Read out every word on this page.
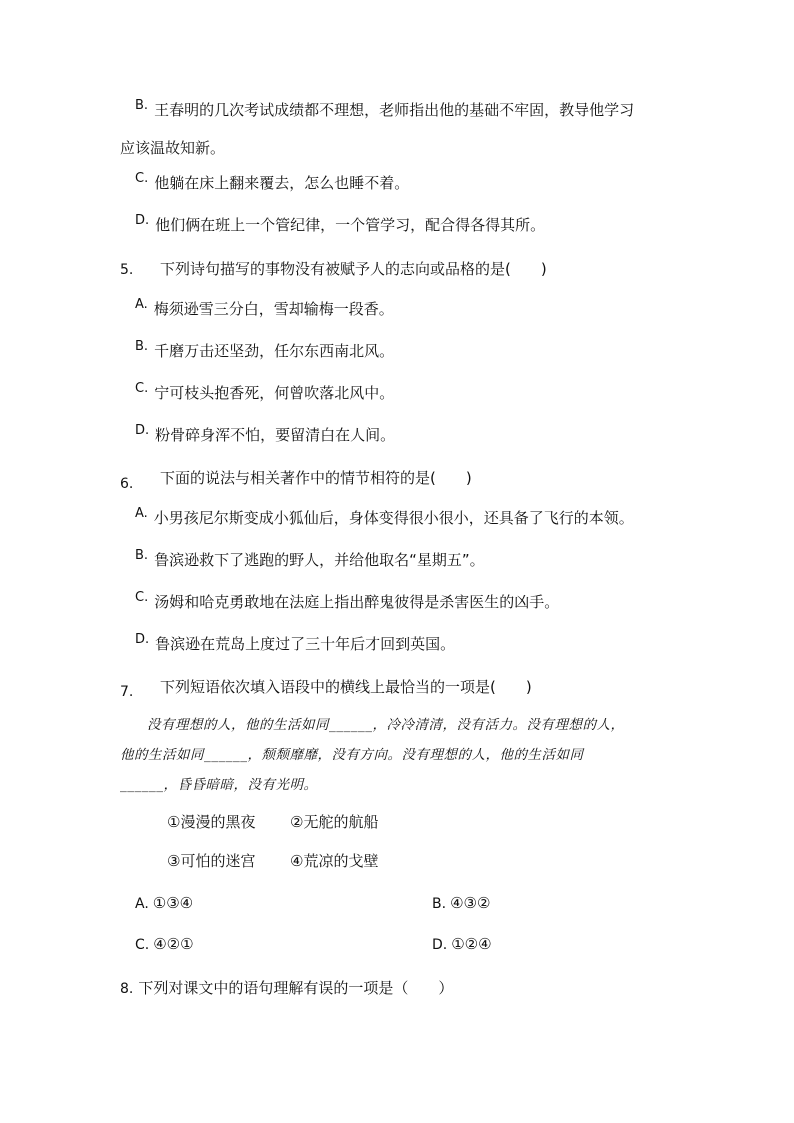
B. 王春明的几次考试成绩都不理想，老师指出他的基础不牢固，教导他学习
应该温故知新。
C. 他躺在床上翻来覆去，怎么也睡不着。
D. 他们俩在班上一个管纪律，一个管学习，配合得各得其所。
5. 下列诗句描写的事物没有被赋予人的志向或品格的是(　　)
A. 梅须逊雪三分白，雪却输梅一段香。
B. 千磨万击还坚劲，任尔东西南北风。
C. 宁可枝头抱香死，何曾吹落北风中。
D. 粉骨碎身浑不怕，要留清白在人间。
6. 下面的说法与相关著作中的情节相符的是(　　)
A. 小男孩尼尔斯变成小狐仙后，身体变得很小很小，还具备了飞行的本领。
B. 鲁滨逊救下了逃跑的野人，并给他取名“星期五”。
C. 汤姆和哈克勇敢地在法庭上指出醉鬼彼得是杀害医生的凶手。
D. 鲁滨逊在荒岛上度过了三十年后才回到英国。
7. 下列短语依次填入语段中的横线上最恰当的一项是(　　)

没有理想的人，他的生活如同______，冷冷清清，没有活力。没有理想的人，

他的生活如同______，颓颓靡靡，没有方向。没有理想的人，他的生活如同

______，昏昏暗暗，没有光明。

①漫漫的黑夜 ②无舵的航船
③可怕的迷宫 ④荒凉的戈壁
A. ①③④	B. ④③②
C. ④②①	D. ①②④
8. 下列对课文中的语句理解有误的一项是（　　）
